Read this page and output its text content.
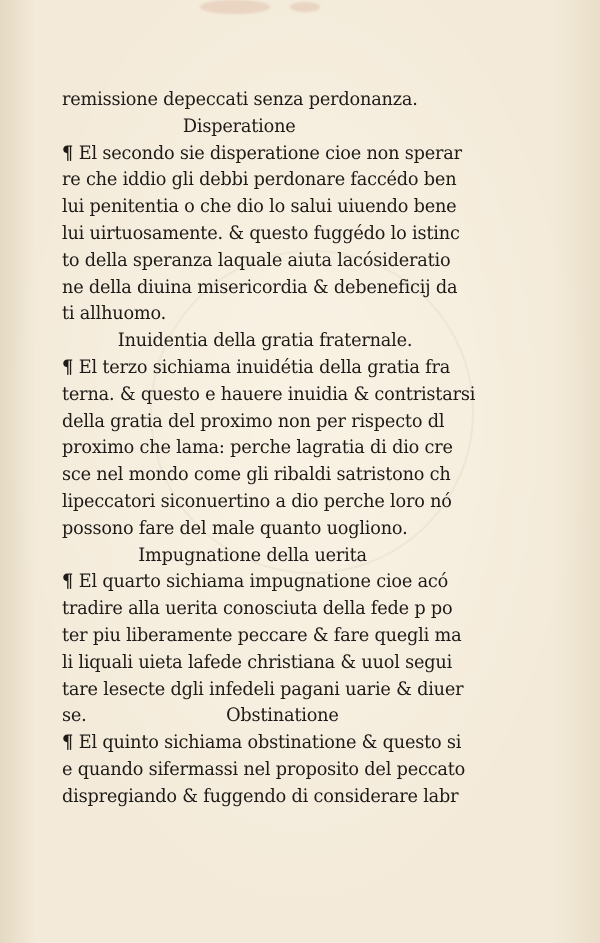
remissione depeccati senza perdonanza.
Disperatione
¶ El secondo sie disperatione cioe non sperar
re che iddio gli debbi perdonare faccédo ben
lui penitentia o che dio lo salui uiuendo bene
lui uirtuosamente. & questo fuggédo lo istinc
to della speranza laquale aiuta lacósideratio
ne della diuina misericordia & debeneficij da
ti allhuomo.
Inuidentia della gratia fraternale.
¶ El terzo sichiama inuidétia della gratia fra
terna. & questo e hauere inuidia & contristarsi
della gratia del proximo non per rispecto dl
proximo che lama: perche lagratia di dio cre
sce nel mondo come gli ribaldi satristono ch
lipeccatori siconuertino a dio perche loro nó
possono fare del male quanto uogliono.
Impugnatione della uerita
¶ El quarto sichiama impugnatione cioe acó
tradire alla uerita conosciuta della fede p po
ter piu liberamente peccare & fare quegli ma
li liquali uieta lafede christiana & uuol segui
tare lesecte dgli infedeli pagani uarie & diuer
se.	Obstinatione
¶ El quinto sichiama obstinatione & questo si
e quando sifermassi nel proposito del peccato
dispregiando & fuggendo di considerare labr
